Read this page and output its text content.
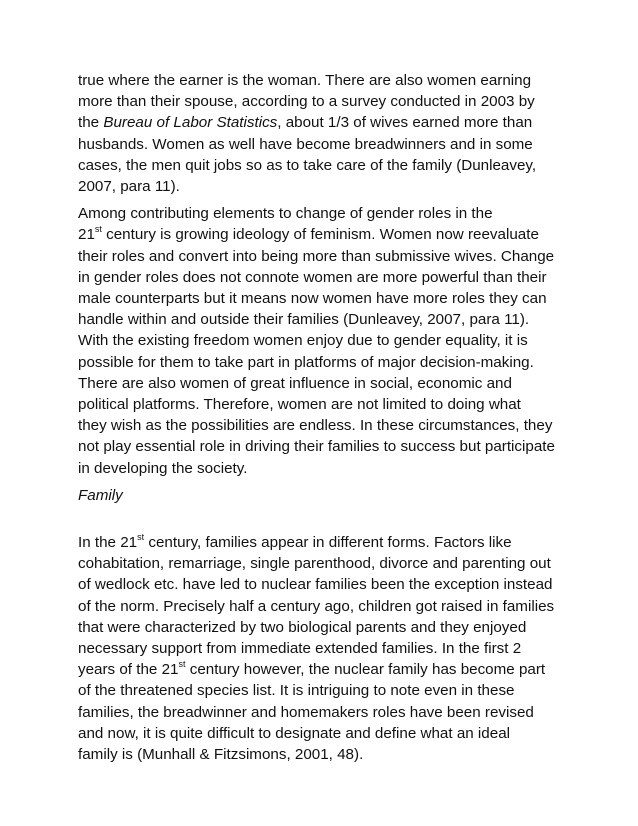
true where the earner is the woman. There are also women earning
more than their spouse, according to a survey conducted in 2003 by
the Bureau of Labor Statistics, about 1/3 of wives earned more than
husbands. Women as well have become breadwinners and in some
cases, the men quit jobs so as to take care of the family (Dunleavey,
2007, para 11).

Among contributing elements to change of gender roles in the
21st century is growing ideology of feminism. Women now reevaluate
their roles and convert into being more than submissive wives. Change
in gender roles does not connote women are more powerful than their
male counterparts but it means now women have more roles they can
handle within and outside their families (Dunleavey, 2007, para 11).
With the existing freedom women enjoy due to gender equality, it is
possible for them to take part in platforms of major decision-making.
There are also women of great influence in social, economic and
political platforms. Therefore, women are not limited to doing what
they wish as the possibilities are endless. In these circumstances, they
not play essential role in driving their families to success but participate
in developing the society.

Family

In the 21st century, families appear in different forms. Factors like
cohabitation, remarriage, single parenthood, divorce and parenting out
of wedlock etc. have led to nuclear families been the exception instead
of the norm. Precisely half a century ago, children got raised in families
that were characterized by two biological parents and they enjoyed
necessary support from immediate extended families. In the first 2
years of the 21st century however, the nuclear family has become part
of the threatened species list. It is intriguing to note even in these
families, the breadwinner and homemakers roles have been revised
and now, it is quite difficult to designate and define what an ideal
family is (Munhall & Fitzsimons, 2001, 48).
